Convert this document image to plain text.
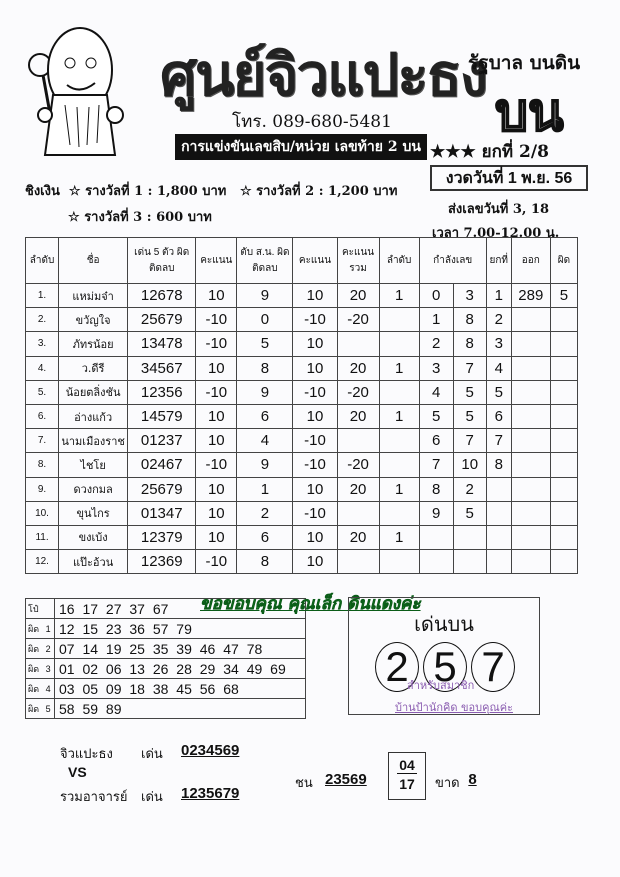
ศูนย์จิวแปะธง
โทร. 089-680-5481
การแข่งขันเลขสิบ/หน่วย เลขท้าย 2 บน ★★★ ยกที่ 2/8
รัฐบาล บนดิน
บน
งวดวันที่ 1 พ.ย. 56
ส่งเลขวันที่ 3, 18
เวลา 7.00-12.00 น.
ชิงเงิน  ☆ รางวัลที่ 1 : 1,800 บาท   ☆ รางวัลที่ 2 : 1,200 บาท
☆ รางวัลที่ 3 : 600 บาท
ลำดับ	ชื่อ	เด่น 5 ตัว ผิดติดลบ	คะแนน	ตับ ส.น. ผิดติดลบ	คะแนน	คะแนน รวม	ลำดับ	กำลังเลข		ยกที่	ออก	ผิด
1.	แหม่มจ๋า	12678	10	9	10	20	1	0	3	1	289	5
2.	ขวัญใจ	25679	-10	0	-10	-20		1	8	2		
3.	ภัทรน้อย	13478	-10	5	10			2	8	3		
4.	ว.ดีรี	34567	10	8	10	20	1	3	7	4		
5.	น้อยตลิ่งชัน	12356	-10	9	-10	-20		4	5	5		
6.	อ่างแก้ว	14579	10	6	10	20	1	5	5	6		
7.	นามเมืองราช	01237	10	4	-10			6	7	7		
8.	ไชโย	02467	-10	9	-10	-20		7	10	8		
9.	ดวงกมล	25679	10	1	10	20	1	8	2			
10.	ขุนไกร	01347	10	2	-10			9	5			
11.	ขงเบ้ง	12379	10	6	10	20	1					
12.	แป๊ะอ้วน	12369	-10	8	10							
โป๋	16 17 27 37 67
ผิด 1	12 15 23 36 57 79
ผิด 2	07 14 19 25 35 39 46 47 78
ผิด 3	01 02 06 13 26 28 29 34 49 69
ผิด 4	03 05 09 18 38 45 56 68
ผิด 5	58 59 89
ขอขอบคุณ คุณเล็ก ดินแดงค่ะ
เด่นบน
2 5 7
สำหรับสมาชิก
บ้านป้านักคิด ขอบคุณค่ะ
จิวแปะธง เด่น 0234569
VS
รวมอาจารย์ เด่น 1235679
ชน $23569 \frac{04}{17}$ ขาด 8
